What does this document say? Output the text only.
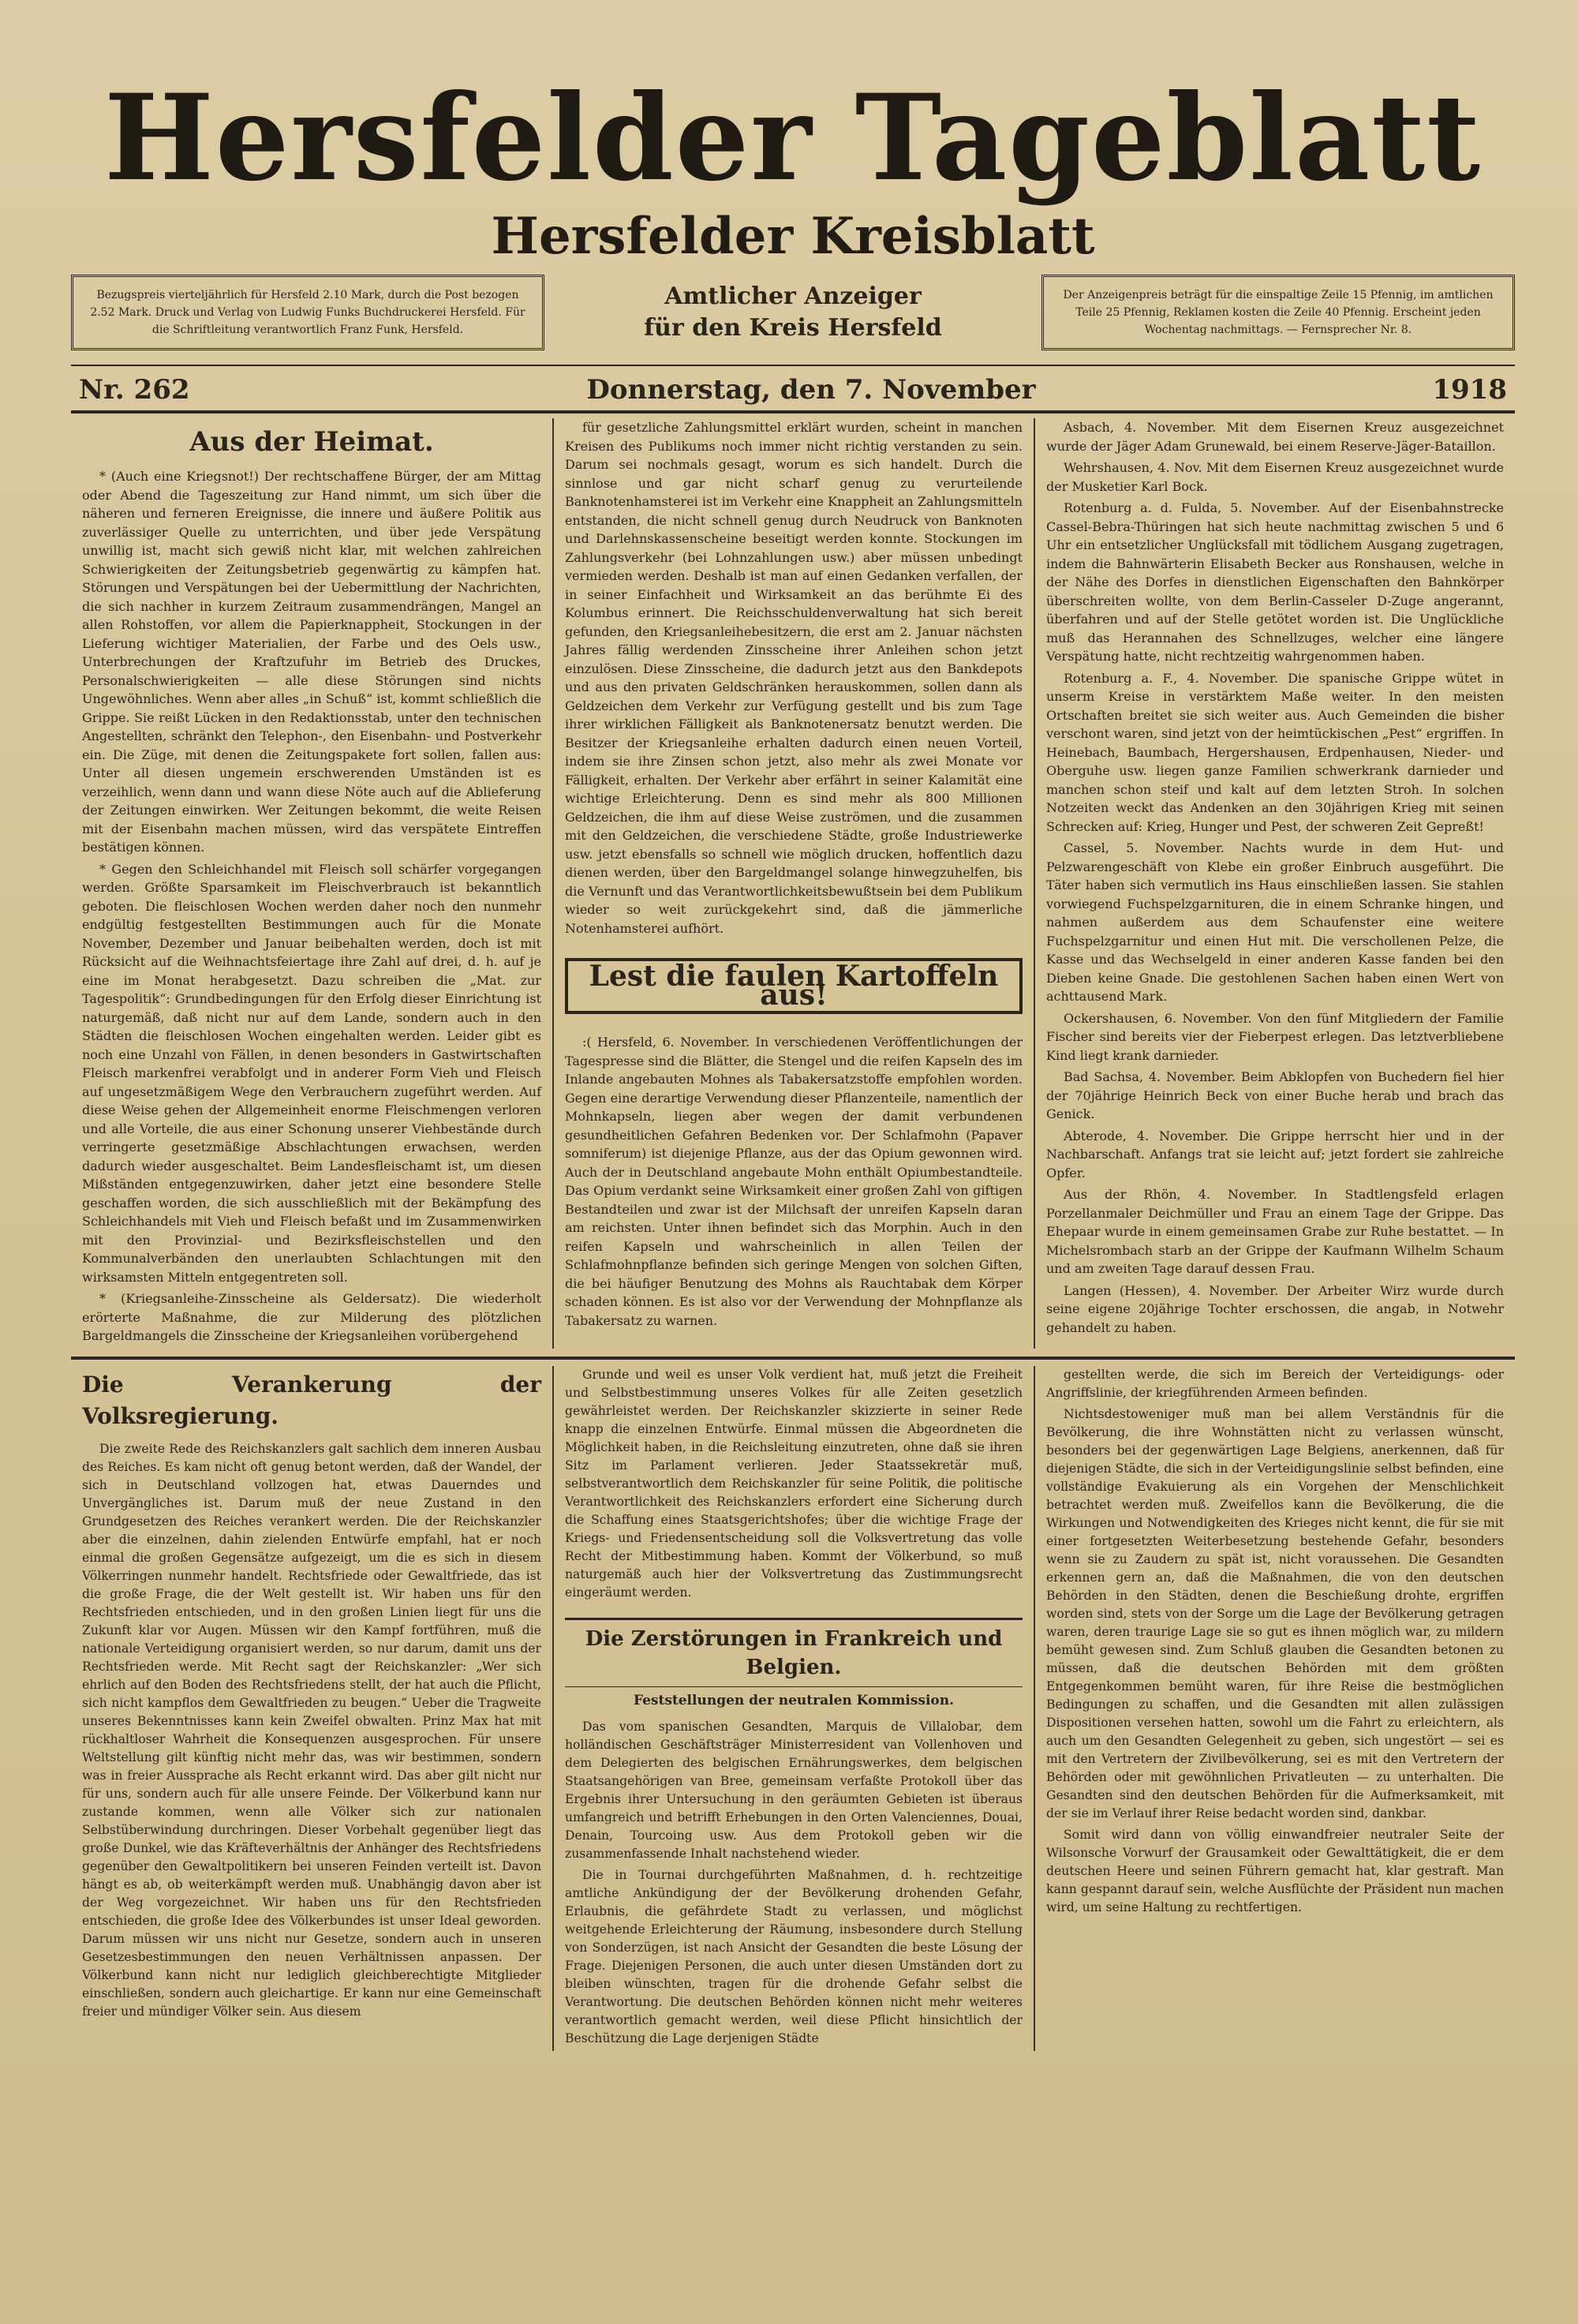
Hersfelder Tageblatt
Hersfelder Kreisblatt
Bezugspreis vierteljährlich für Hersfeld 2.10 Mark, durch die Post bezogen 2.52 Mark. Druck und Verlag von Ludwig Funks Buchdruckerei Hersfeld. Für die Schriftleitung verantwortlich Franz Funk, Hersfeld.
Amtlicher Anzeiger
für den Kreis Hersfeld
Der Anzeigenpreis beträgt für die einspaltige Zeile 15 Pfennig, im amtlichen Teile 25 Pfennig, Reklamen kosten die Zeile 40 Pfennig. Erscheint jeden Wochentag nachmittags. — Fernsprecher Nr. 8.
Nr. 262	Donnerstag, den 7. November	1918
Aus der Heimat.

* (Auch eine Kriegsnot!) Der rechtschaffene Bürger, der am Mittag oder Abend die Tageszeitung zur Hand nimmt, um sich über die näheren und ferneren Ereignisse, die innere und äußere Politik aus zuverlässiger Quelle zu unterrichten, und über jede Verspätung unwillig ist, macht sich gewiß nicht klar, mit welchen zahlreichen Schwierigkeiten der Zeitungsbetrieb gegenwärtig zu kämpfen hat. Störungen und Verspätungen bei der Uebermittlung der Nachrichten, die sich nachher in kurzem Zeitraum zusammendrängen, Mangel an allen Rohstoffen, vor allem die Papierknappheit, Stockungen in der Lieferung wichtiger Materialien, der Farbe und des Oels usw., Unterbrechungen der Kraftzufuhr im Betrieb des Druckes, Personalschwierigkeiten — alle diese Störungen sind nichts Ungewöhnliches. Wenn aber alles „in Schuß“ ist, kommt schließlich die Grippe. Sie reißt Lücken in den Redaktionsstab, unter den technischen Angestellten, schränkt den Telephon-, den Eisenbahn- und Postverkehr ein. Die Züge, mit denen die Zeitungspakete fort sollen, fallen aus: Unter all diesen ungemein erschwerenden Umständen ist es verzeihlich, wenn dann und wann diese Nöte auch auf die Ablieferung der Zeitungen einwirken. Wer Zeitungen bekommt, die weite Reisen mit der Eisenbahn machen müssen, wird das verspätete Eintreffen bestätigen können.

* Gegen den Schleichhandel mit Fleisch soll schärfer vorgegangen werden. Größte Sparsamkeit im Fleischverbrauch ist bekanntlich geboten. Die fleischlosen Wochen werden daher noch den nunmehr endgültig festgestellten Bestimmungen auch für die Monate November, Dezember und Januar beibehalten werden, doch ist mit Rücksicht auf die Weihnachtsfeiertage ihre Zahl auf drei, d. h. auf je eine im Monat herabgesetzt. Dazu schreiben die „Mat. zur Tagespolitik“: Grundbedingungen für den Erfolg dieser Einrichtung ist naturgemäß, daß nicht nur auf dem Lande, sondern auch in den Städten die fleischlosen Wochen eingehalten werden. Leider gibt es noch eine Unzahl von Fällen, in denen besonders in Gastwirtschaften Fleisch markenfrei verabfolgt und in anderer Form Vieh und Fleisch auf ungesetzmäßigem Wege den Verbrauchern zugeführt werden. Auf diese Weise gehen der Allgemeinheit enorme Fleischmengen verloren und alle Vorteile, die aus einer Schonung unserer Viehbestände durch verringerte gesetzmäßige Abschlachtungen erwachsen, werden dadurch wieder ausgeschaltet. Beim Landesfleischamt ist, um diesen Mißständen entgegenzuwirken, daher jetzt eine besondere Stelle geschaffen worden, die sich ausschließlich mit der Bekämpfung des Schleichhandels mit Vieh und Fleisch befaßt und im Zusammenwirken mit den Provinzial- und Bezirksfleischstellen und den Kommunalverbänden den unerlaubten Schlachtungen mit den wirksamsten Mitteln entgegentreten soll.

* (Kriegsanleihe-Zinsscheine als Geldersatz). Die wiederholt erörterte Maßnahme, die zur Milderung des plötzlichen Bargeldmangels die Zinsscheine der Kriegsanleihen vorübergehend

für gesetzliche Zahlungsmittel erklärt wurden, scheint in manchen Kreisen des Publikums noch immer nicht richtig verstanden zu sein. Darum sei nochmals gesagt, worum es sich handelt. Durch die sinnlose und gar nicht scharf genug zu verurteilende Banknotenhamsterei ist im Verkehr eine Knappheit an Zahlungsmitteln entstanden, die nicht schnell genug durch Neudruck von Banknoten und Darlehnskassenscheine beseitigt werden konnte. Stockungen im Zahlungsverkehr (bei Lohnzahlungen usw.) aber müssen unbedingt vermieden werden. Deshalb ist man auf einen Gedanken verfallen, der in seiner Einfachheit und Wirksamkeit an das berühmte Ei des Kolumbus erinnert. Die Reichsschuldenverwaltung hat sich bereit gefunden, den Kriegsanleihebesitzern, die erst am 2. Januar nächsten Jahres fällig werdenden Zinsscheine ihrer Anleihen schon jetzt einzulösen. Diese Zinsscheine, die dadurch jetzt aus den Bankdepots und aus den privaten Geldschränken herauskommen, sollen dann als Geldzeichen dem Verkehr zur Verfügung gestellt und bis zum Tage ihrer wirklichen Fälligkeit als Banknotenersatz benutzt werden. Die Besitzer der Kriegsanleihe erhalten dadurch einen neuen Vorteil, indem sie ihre Zinsen schon jetzt, also mehr als zwei Monate vor Fälligkeit, erhalten. Der Verkehr aber erfährt in seiner Kalamität eine wichtige Erleichterung. Denn es sind mehr als 800 Millionen Geldzeichen, die ihm auf diese Weise zuströmen, und die zusammen mit den Geldzeichen, die verschiedene Städte, große Industriewerke usw. jetzt ebensfalls so schnell wie möglich drucken, hoffentlich dazu dienen werden, über den Bargeldmangel solange hinwegzuhelfen, bis die Vernunft und das Verantwortlichkeitsbewußtsein bei dem Publikum wieder so weit zurückgekehrt sind, daß die jämmerliche Notenhamsterei aufhört.

Lest die faulen Kartoffeln aus!

:( Hersfeld, 6. November. In verschiedenen Veröffentlichungen der Tagespresse sind die Blätter, die Stengel und die reifen Kapseln des im Inlande angebauten Mohnes als Tabakersatzstoffe empfohlen worden. Gegen eine derartige Verwendung dieser Pflanzenteile, namentlich der Mohnkapseln, liegen aber wegen der damit verbundenen gesundheitlichen Gefahren Bedenken vor. Der Schlafmohn (Papaver somniferum) ist diejenige Pflanze, aus der das Opium gewonnen wird. Auch der in Deutschland angebaute Mohn enthält Opiumbestandteile. Das Opium verdankt seine Wirksamkeit einer großen Zahl von giftigen Bestandteilen und zwar ist der Milchsaft der unreifen Kapseln daran am reichsten. Unter ihnen befindet sich das Morphin. Auch in den reifen Kapseln und wahrscheinlich in allen Teilen der Schlafmohnpflanze befinden sich geringe Mengen von solchen Giften, die bei häufiger Benutzung des Mohns als Rauchtabak dem Körper schaden können. Es ist also vor der Verwendung der Mohnpflanze als Tabakersatz zu warnen.

Asbach, 4. November. Mit dem Eisernen Kreuz ausgezeichnet wurde der Jäger Adam Grunewald, bei einem Reserve-Jäger-Bataillon.

Wehrshausen, 4. Nov. Mit dem Eisernen Kreuz ausgezeichnet wurde der Musketier Karl Bock.

Rotenburg a. d. Fulda, 5. November. Auf der Eisenbahnstrecke Cassel-Bebra-Thüringen hat sich heute nachmittag zwischen 5 und 6 Uhr ein entsetzlicher Unglücksfall mit tödlichem Ausgang zugetragen, indem die Bahnwärterin Elisabeth Becker aus Ronshausen, welche in der Nähe des Dorfes in dienstlichen Eigenschaften den Bahnkörper überschreiten wollte, von dem Berlin-Casseler D-Zuge angerannt, überfahren und auf der Stelle getötet worden ist. Die Unglückliche muß das Herannahen des Schnellzuges, welcher eine längere Verspätung hatte, nicht rechtzeitig wahrgenommen haben.

Rotenburg a. F., 4. November. Die spanische Grippe wütet in unserm Kreise in verstärktem Maße weiter. In den meisten Ortschaften breitet sie sich weiter aus. Auch Gemeinden die bisher verschont waren, sind jetzt von der heimtückischen „Pest“ ergriffen. In Heinebach, Baumbach, Hergershausen, Erdpenhausen, Nieder- und Oberguhe usw. liegen ganze Familien schwerkrank darnieder und manchen schon steif und kalt auf dem letzten Stroh. In solchen Notzeiten weckt das Andenken an den 30jährigen Krieg mit seinen Schrecken auf: Krieg, Hunger und Pest, der schweren Zeit Gepreßt!

Cassel, 5. November. Nachts wurde in dem Hut- und Pelzwarengeschäft von Klebe ein großer Einbruch ausgeführt. Die Täter haben sich vermutlich ins Haus einschließen lassen. Sie stahlen vorwiegend Fuchspelzgarnituren, die in einem Schranke hingen, und nahmen außerdem aus dem Schaufenster eine weitere Fuchspelzgarnitur und einen Hut mit. Die verschollenen Pelze, die Kasse und das Wechselgeld in einer anderen Kasse fanden bei den Dieben keine Gnade. Die gestohlenen Sachen haben einen Wert von achttausend Mark.

Ockershausen, 6. November. Von den fünf Mitgliedern der Familie Fischer sind bereits vier der Fieberpest erlegen. Das letztverbliebene Kind liegt krank darnieder.

Bad Sachsa, 4. November. Beim Abklopfen von Buchedern fiel hier der 70jährige Heinrich Beck von einer Buche herab und brach das Genick.

Abterode, 4. November. Die Grippe herrscht hier und in der Nachbarschaft. Anfangs trat sie leicht auf; jetzt fordert sie zahlreiche Opfer.

Aus der Rhön, 4. November. In Stadtlengsfeld erlagen Porzellanmaler Deichmüller und Frau an einem Tage der Grippe. Das Ehepaar wurde in einem gemeinsamen Grabe zur Ruhe bestattet. — In Michelsrombach starb an der Grippe der Kaufmann Wilhelm Schaum und am zweiten Tage darauf dessen Frau.

Langen (Hessen), 4. November. Der Arbeiter Wirz wurde durch seine eigene 20jährige Tochter erschossen, die angab, in Notwehr gehandelt zu haben.

Die Verankerung der Volksregierung.

Die zweite Rede des Reichskanzlers galt sachlich dem inneren Ausbau des Reiches. Es kam nicht oft genug betont werden, daß der Wandel, der sich in Deutschland vollzogen hat, etwas Dauerndes und Unvergängliches ist. Darum muß der neue Zustand in den Grundgesetzen des Reiches verankert werden. Die der Reichskanzler aber die einzelnen, dahin zielenden Entwürfe empfahl, hat er noch einmal die großen Gegensätze aufgezeigt, um die es sich in diesem Völkerringen nunmehr handelt. Rechtsfriede oder Gewaltfriede, das ist die große Frage, die der Welt gestellt ist. Wir haben uns für den Rechtsfrieden entschieden, und in den großen Linien liegt für uns die Zukunft klar vor Augen. Müssen wir den Kampf fortführen, muß die nationale Verteidigung organisiert werden, so nur darum, damit uns der Rechtsfrieden werde. Mit Recht sagt der Reichskanzler: „Wer sich ehrlich auf den Boden des Rechtsfriedens stellt, der hat auch die Pflicht, sich nicht kampflos dem Gewaltfrieden zu beugen.“ Ueber die Tragweite unseres Bekenntnisses kann kein Zweifel obwalten. Prinz Max hat mit rückhaltloser Wahrheit die Konsequenzen ausgesprochen. Für unsere Weltstellung gilt künftig nicht mehr das, was wir bestimmen, sondern was in freier Aussprache als Recht erkannt wird. Das aber gilt nicht nur für uns, sondern auch für alle unsere Feinde. Der Völkerbund kann nur zustande kommen, wenn alle Völker sich zur nationalen Selbstüberwindung durchringen. Dieser Vorbehalt gegenüber liegt das große Dunkel, wie das Kräfteverhältnis der Anhänger des Rechtsfriedens gegenüber den Gewaltpolitikern bei unseren Feinden verteilt ist. Davon hängt es ab, ob weiterkämpft werden muß. Unabhängig davon aber ist der Weg vorgezeichnet. Wir haben uns für den Rechtsfrieden entschieden, die große Idee des Völkerbundes ist unser Ideal geworden. Darum müssen wir uns nicht nur Gesetze, sondern auch in unseren Gesetzesbestimmungen den neuen Verhältnissen anpassen. Der Völkerbund kann nicht nur lediglich gleichberechtigte Mitglieder einschließen, sondern auch gleichartige. Er kann nur eine Gemeinschaft freier und mündiger Völker sein. Aus diesem

Grunde und weil es unser Volk verdient hat, muß jetzt die Freiheit und Selbstbestimmung unseres Volkes für alle Zeiten gesetzlich gewährleistet werden. Der Reichskanzler skizzierte in seiner Rede knapp die einzelnen Entwürfe. Einmal müssen die Abgeordneten die Möglichkeit haben, in die Reichsleitung einzutreten, ohne daß sie ihren Sitz im Parlament verlieren. Jeder Staatssekretär muß, selbstverantwortlich dem Reichskanzler für seine Politik, die politische Verantwortlichkeit des Reichskanzlers erfordert eine Sicherung durch die Schaffung eines Staatsgerichtshofes; über die wichtige Frage der Kriegs- und Friedensentscheidung soll die Volksvertretung das volle Recht der Mitbestimmung haben. Kommt der Völkerbund, so muß naturgemäß auch hier der Volksvertretung das Zustimmungsrecht eingeräumt werden.

Die Zerstörungen in Frankreich und Belgien.
Feststellungen der neutralen Kommission.

Das vom spanischen Gesandten, Marquis de Villalobar, dem holländischen Geschäftsträger Ministerresident van Vollenhoven und dem Delegierten des belgischen Ernährungswerkes, dem belgischen Staatsangehörigen van Bree, gemeinsam verfaßte Protokoll über das Ergebnis ihrer Untersuchung in den geräumten Gebieten ist überaus umfangreich und betrifft Erhebungen in den Orten Valenciennes, Douai, Denain, Tourcoing usw. Aus dem Protokoll geben wir die zusammenfassende Inhalt nachstehend wieder.

Die in Tournai durchgeführten Maßnahmen, d. h. rechtzeitige amtliche Ankündigung der der Bevölkerung drohenden Gefahr, Erlaubnis, die gefährdete Stadt zu verlassen, und möglichst weitgehende Erleichterung der Räumung, insbesondere durch Stellung von Sonderzügen, ist nach Ansicht der Gesandten die beste Lösung der Frage. Diejenigen Personen, die auch unter diesen Umständen dort zu bleiben wünschten, tragen für die drohende Gefahr selbst die Verantwortung. Die deutschen Behörden können nicht mehr weiteres verantwortlich gemacht werden, weil diese Pflicht hinsichtlich der Beschützung die Lage derjenigen Städte

gestellten werde, die sich im Bereich der Verteidigungs- oder Angriffslinie, der kriegführenden Armeen befinden.

Nichtsdestoweniger muß man bei allem Verständnis für die Bevölkerung, die ihre Wohnstätten nicht zu verlassen wünscht, besonders bei der gegenwärtigen Lage Belgiens, anerkennen, daß für diejenigen Städte, die sich in der Verteidigungslinie selbst befinden, eine vollständige Evakuierung als ein Vorgehen der Menschlichkeit betrachtet werden muß. Zweifellos kann die Bevölkerung, die die Wirkungen und Notwendigkeiten des Krieges nicht kennt, die für sie mit einer fortgesetzten Weiterbesetzung bestehende Gefahr, besonders wenn sie zu Zaudern zu spät ist, nicht voraussehen. Die Gesandten erkennen gern an, daß die Maßnahmen, die von den deutschen Behörden in den Städten, denen die Beschießung drohte, ergriffen worden sind, stets von der Sorge um die Lage der Bevölkerung getragen waren, deren traurige Lage sie so gut es ihnen möglich war, zu mildern bemüht gewesen sind. Zum Schluß glauben die Gesandten betonen zu müssen, daß die deutschen Behörden mit dem größten Entgegenkommen bemüht waren, für ihre Reise die bestmöglichen Bedingungen zu schaffen, und die Gesandten mit allen zulässigen Dispositionen versehen hatten, sowohl um die Fahrt zu erleichtern, als auch um den Gesandten Gelegenheit zu geben, sich ungestört — sei es mit den Vertretern der Zivilbevölkerung, sei es mit den Vertretern der Behörden oder mit gewöhnlichen Privatleuten — zu unterhalten. Die Gesandten sind den deutschen Behörden für die Aufmerksamkeit, mit der sie im Verlauf ihrer Reise bedacht worden sind, dankbar.

Somit wird dann von völlig einwandfreier neutraler Seite der Wilsonsche Vorwurf der Grausamkeit oder Gewalttätigkeit, die er dem deutschen Heere und seinen Führern gemacht hat, klar gestraft. Man kann gespannt darauf sein, welche Ausflüchte der Präsident nun machen wird, um seine Haltung zu rechtfertigen.
